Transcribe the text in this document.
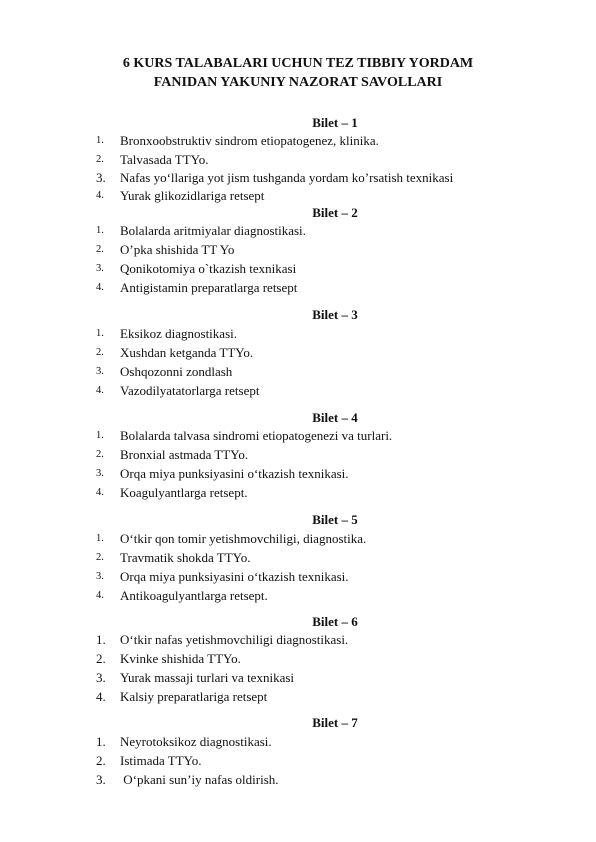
6 KURS TALABALARI UCHUN TEZ TIBBIY YORDAM
FANIDAN YAKUNIY NAZORAT SAVOLLARI
Bilet – 1
1. Bronxoobstruktiv sindrom etiopatogenez, klinika.
2. Talvasada TTYo.
3. Nafas yo‘llariga yot jism tushganda yordam ko’rsatish texnikasi
4. Yurak glikozidlariga retsept
Bilet – 2
1. Bolalarda aritmiyalar diagnostikasi.
2. O’pka shishida TT Yo
3. Qonikotomiya o`tkazish texnikasi
4. Antigistamin preparatlarga retsept
Bilet – 3
1. Eksikoz diagnostikasi.
2. Xushdan ketganda TTYo.
3. Oshqozonni zondlash
4. Vazodilyatatorlarga retsept
Bilet – 4
1. Bolalarda talvasa sindromi etiopatogenezi va turlari.
2. Bronxial astmada TTYo.
3. Orqa miya punksiyasini o‘tkazish texnikasi.
4. Koagulyantlarga retsept.
Bilet – 5
1. O‘tkir qon tomir yetishmovchiligi, diagnostika.
2. Travmatik shokda TTYo.
3. Orqa miya punksiyasini o‘tkazish texnikasi.
4. Antikoagulyantlarga retsept.
Bilet – 6
1. O‘tkir nafas yetishmovchiligi diagnostikasi.
2. Kvinke shishida TTYo.
3. Yurak massaji turlari va texnikasi
4. Kalsiy preparatlariga retsept
Bilet – 7
1. Neyrotoksikoz diagnostikasi.
2. Istimada TTYo.
3. O‘pkani sun’iy nafas oldirish.
